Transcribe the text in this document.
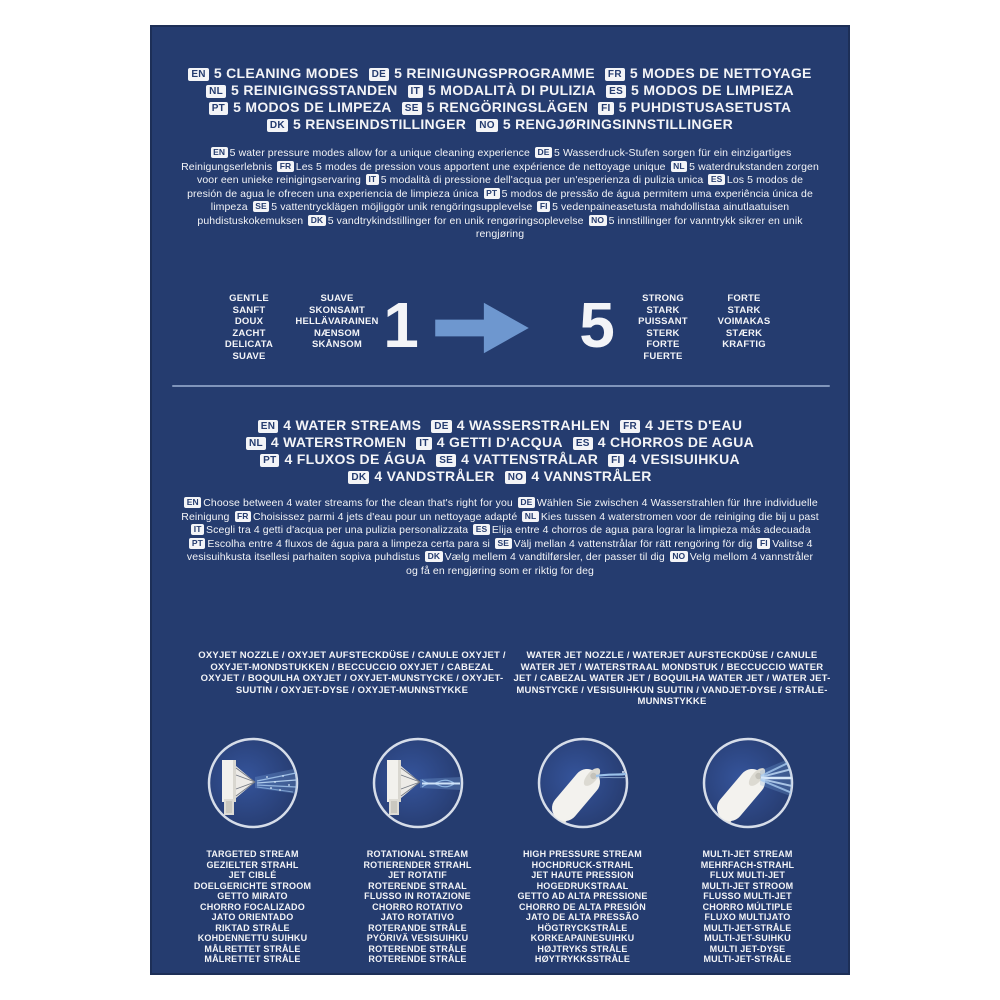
EN 5 CLEANING MODES DE 5 REINIGUNGSPROGRAMME FR 5 MODES DE NETTOYAGE
NL 5 REINIGINGSSTANDEN IT 5 MODALITÀ DI PULIZIA ES 5 MODOS DE LIMPIEZA
PT 5 MODOS DE LIMPEZA SE 5 RENGÖRINGSLÄGEN FI 5 PUHDISTUSASETUSTA
DK 5 RENSEINDSTILLINGER NO 5 RENGJØRINGSINNSTILLINGER
EN 5 water pressure modes allow for a unique cleaning experience DE 5 Wasserdruck-Stufen sorgen für ein einzigartiges Reinigungserlebnis FR Les 5 modes de pression vous apportent une expérience de nettoyage unique NL 5 waterdrukstanden zorgen voor een unieke reinigingservaring IT 5 modalità di pressione dell'acqua per un'esperienza di pulizia unica ES Los 5 modos de presión de agua le ofrecen una experiencia de limpieza única PT 5 modos de pressão de água permitem uma experiência única de limpeza SE 5 vattentrycklägen möjliggör unik rengöringsupplevelse FI 5 vedenpaineasetusta mahdollistaa ainutlaatuisen puhdistuskokemuksen DK 5 vandtrykindstillinger for en unik rengøringsoplevelse NO 5 innstillinger for vanntrykk sikrer en unik rengjøring
GENTLE
SANFT
DOUX
ZACHT
DELICATA
SUAVE
SUAVE
SKONSAMT
HELLÄVARAINEN
NÆNSOM
SKÅNSOM 1	5	STRONG
STARK
PUISSANT
STERK
FORTE
FUERTE
FORTE
STARK
VOIMAKAS
STÆRK
KRAFTIG
EN 4 WATER STREAMS DE 4 WASSERSTRAHLEN FR 4 JETS D'EAU
NL 4 WATERSTROMEN IT 4 GETTI D'ACQUA ES 4 CHORROS DE AGUA
PT 4 FLUXOS DE ÁGUA SE 4 VATTENSTRÅLAR FI 4 VESISUIHKUA
DK 4 VANDSTRÅLER NO 4 VANNSTRÅLER
EN Choose between 4 water streams for the clean that's right for you DE Wählen Sie zwischen 4 Wasserstrahlen für Ihre individuelle Reinigung FR Choisissez parmi 4 jets d'eau pour un nettoyage adapté NL Kies tussen 4 waterstromen voor de reiniging die bij u past IT Scegli tra 4 getti d'acqua per una pulizia personalizzata ES Elija entre 4 chorros de agua para lograr la limpieza más adecuada PT Escolha entre 4 fluxos de água para a limpeza certa para si SE Välj mellan 4 vattenstrålar för rätt rengöring för dig FI Valitse 4 vesisuihkusta itsellesi parhaiten sopiva puhdistus DK Vælg mellem 4 vandtilførsler, der passer til dig NO Velg mellom 4 vannstråler og få en rengjøring som er riktig for deg
OXYJET NOZZLE / OXYJET AUFSTECKDÜSE / CANULE OXYJET / OXYJET-MONDSTUKKEN / BECCUCCIO OXYJET / CABEZAL OXYJET / BOQUILHA OXYJET / OXYJET-MUNSTYCKE / OXYJET-SUUTIN / OXYJET-DYSE / OXYJET-MUNNSTYKKE
WATER JET NOZZLE / WATERJET AUFSTECKDÜSE / CANULE WATER JET / WATERSTRAAL MONDSTUK / BECCUCCIO WATER JET / CABEZAL WATER JET / BOQUILHA WATER JET / WATER JET-MUNSTYCKE / VESISUIHKUN SUUTIN / VANDJET-DYSE / STRÅLE-MUNNSTYKKE
TARGETED STREAM
GEZIELTER STRAHL
JET CIBLÉ
DOELGERICHTE STROOM
GETTO MIRATO
CHORRO FOCALIZADO
JATO ORIENTADO
RIKTAD STRÅLE
KOHDENNETTU SUIHKU
MÅLRETTET STRÅLE
MÅLRETTET STRÅLE
ROTATIONAL STREAM
ROTIERENDER STRAHL
JET ROTATIF
ROTERENDE STRAAL
FLUSSO IN ROTAZIONE
CHORRO ROTATIVO
JATO ROTATIVO
ROTERANDE STRÅLE
PYÖRIVÄ VESISUIHKU
ROTERENDE STRÅLE
ROTERENDE STRÅLE
HIGH PRESSURE STREAM
HOCHDRUCK-STRAHL
JET HAUTE PRESSION
HOGEDRUKSTRAAL
GETTO AD ALTA PRESSIONE
CHORRO DE ALTA PRESIÓN
JATO DE ALTA PRESSÃO
HÖGTRYCKSTRÅLE
KORKEAPAINESUIHKU
HØJTRYKS STRÅLE
HØYTRYKKSSTRÅLE
MULTI-JET STREAM
MEHRFACH-STRAHL
FLUX MULTI-JET
MULTI-JET STROOM
FLUSSO MULTI-JET
CHORRO MÚLTIPLE
FLUXO MULTIJATO
MULTI-JET-STRÅLE
MULTI-JET-SUIHKU
MULTI JET-DYSE
MULTI-JET-STRÅLE
